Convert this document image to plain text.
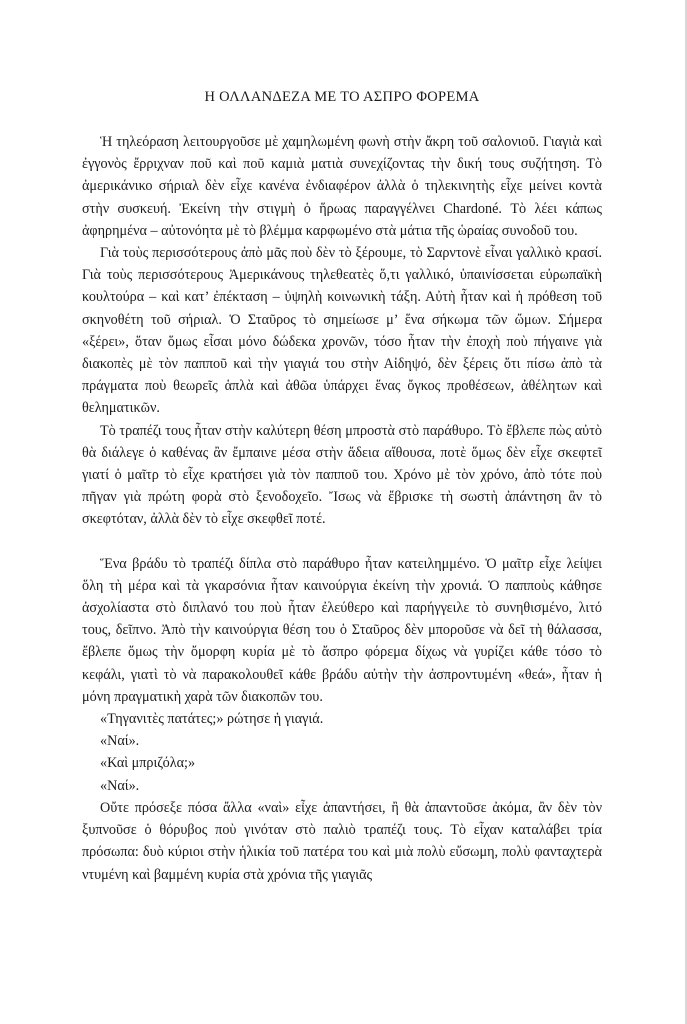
Η ΟΛΛΑΝΔΕΖΑ ΜΕ ΤΟ ΑΣΠΡΟ ΦΟΡΕΜΑ

Ἡ τηλεόραση λειτουργοῦσε μὲ χαμηλωμένη φωνὴ στὴν ἄκρη τοῦ σαλονιοῦ. Γιαγιὰ καὶ ἐγγονὸς ἔρριχναν ποῦ καὶ ποῦ καμιὰ ματιὰ συνεχίζοντας τὴν δική τους συζήτηση. Τὸ ἀμερικάνικο σήριαλ δὲν εἶχε κανένα ἐνδιαφέρον ἀλλὰ ὁ τηλεκινητὴς εἶχε μείνει κοντὰ στὴν συσκευή. Ἐκείνη τὴν στιγμὴ ὁ ἥρωας παραγγέλνει Chardoné. Τὸ λέει κάπως ἀφηρημένα – αὐτονόητα μὲ τὸ βλέμμα καρφωμένο στὰ μάτια τῆς ὡραίας συνοδοῦ του.

Γιὰ τοὺς περισσότερους ἀπὸ μᾶς ποὺ δὲν τὸ ξέρουμε, τὸ Σαρντονὲ εἶναι γαλλικὸ κρασί. Γιὰ τοὺς περισσότερους Ἀμερικάνους τηλεθεατὲς ὅ,τι γαλλικό, ὑπαινίσσεται εὐρωπαϊκὴ κουλτούρα – καὶ κατ’ ἐπέκταση – ὑψηλὴ κοινωνικὴ τάξη. Αὐτὴ ἦταν καὶ ἡ πρόθεση τοῦ σκηνοθέτη τοῦ σήριαλ. Ὁ Σταῦρος τὸ σημείωσε μ’ ἕνα σήκωμα τῶν ὤμων. Σήμερα «ξέρει», ὅταν ὅμως εἶσαι μόνο δώδεκα χρονῶν, τόσο ἦταν τὴν ἐποχὴ ποὺ πήγαινε γιὰ διακοπὲς μὲ τὸν παπποῦ καὶ τὴν γιαγιά του στὴν Αἰδηψό, δὲν ξέρεις ὅτι πίσω ἀπὸ τὰ πράγματα ποὺ θεωρεῖς ἁπλὰ καὶ ἀθῶα ὑπάρχει ἕνας ὄγκος προθέσεων, ἀθέλητων καὶ θεληματικῶν.

Τὸ τραπέζι τους ἦταν στὴν καλύτερη θέση μπροστὰ στὸ παράθυρο. Τὸ ἔβλεπε πὼς αὐτὸ θὰ διάλεγε ὁ καθένας ἂν ἔμπαινε μέσα στὴν ἄδεια αἴθουσα, ποτὲ ὅμως δὲν εἶχε σκεφτεῖ γιατί ὁ μαῖτρ τὸ εἶχε κρατήσει γιὰ τὸν παπποῦ του. Χρόνο μὲ τὸν χρόνο, ἀπὸ τότε ποὺ πῆγαν γιὰ πρώτη φορὰ στὸ ξενοδοχεῖο. Ἴσως νὰ ἔβρισκε τὴ σωστὴ ἀπάντηση ἂν τὸ σκεφτόταν, ἀλλὰ δὲν τὸ εἶχε σκεφθεῖ ποτέ.

Ἕνα βράδυ τὸ τραπέζι δίπλα στὸ παράθυρο ἦταν κατειλημμένο. Ὁ μαῖτρ εἶχε λείψει ὅλη τὴ μέρα καὶ τὰ γκαρσόνια ἦταν καινούργια ἐκείνη τὴν χρονιά. Ὁ παπποὺς κάθησε ἀσχολίαστα στὸ διπλανό του ποὺ ἦταν ἐλεύθερο καὶ παρήγγειλε τὸ συνηθισμένο, λιτό τους, δεῖπνο. Ἀπὸ τὴν καινούργια θέση του ὁ Σταῦρος δὲν μποροῦσε νὰ δεῖ τὴ θάλασσα, ἔβλεπε ὅμως τὴν ὄμορφη κυρία μὲ τὸ ἄσπρο φόρεμα δίχως νὰ γυρίζει κάθε τόσο τὸ κεφάλι, γιατὶ τὸ νὰ παρακολουθεῖ κάθε βράδυ αὐτὴν τὴν ἀσπροντυμένη «θεά», ἦταν ἡ μόνη πραγματικὴ χαρὰ τῶν διακοπῶν του.

«Τηγανιτὲς πατάτες;» ρώτησε ἡ γιαγιά.

«Ναί».

«Καὶ μπριζόλα;»

«Ναί».

Οὔτε πρόσεξε πόσα ἄλλα «ναὶ» εἶχε ἀπαντήσει, ἢ θὰ ἀπαντοῦσε ἀκόμα, ἂν δὲν τὸν ξυπνοῦσε ὁ θόρυβος ποὺ γινόταν στὸ παλιὸ τραπέζι τους. Τὸ εἶχαν καταλάβει τρία πρόσωπα: δυὸ κύριοι στὴν ἡλικία τοῦ πατέρα του καὶ μιὰ πολὺ εὔσωμη, πολὺ φανταχτερὰ ντυμένη καὶ βαμμένη κυρία στὰ χρόνια τῆς γιαγιᾶς
